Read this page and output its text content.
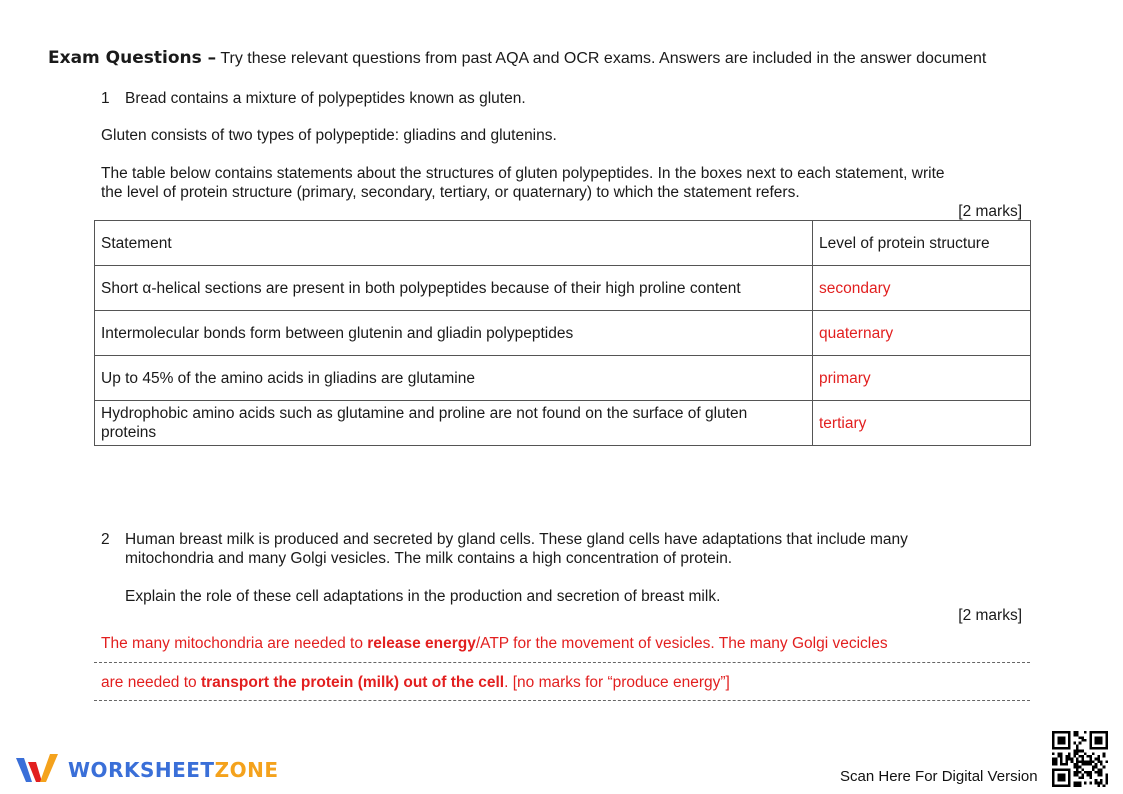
Exam Questions – Try these relevant questions from past AQA and OCR exams. Answers are included in the answer document
1 Bread contains a mixture of polypeptides known as gluten.
Gluten consists of two types of polypeptide: gliadins and glutenins.
The table below contains statements about the structures of gluten polypeptides. In the boxes next to each statement, write
the level of protein structure (primary, secondary, tertiary, or quaternary) to which the statement refers.
[2 marks]
Statement	Level of protein structure
Short α-helical sections are present in both polypeptides because of their high proline content	secondary
Intermolecular bonds form between glutenin and gliadin polypeptides	quaternary
Up to 45% of the amino acids in gliadins are glutamine	primary
Hydrophobic amino acids such as glutamine and proline are not found on the surface of gluten proteins	tertiary
2 Human breast milk is produced and secreted by gland cells. These gland cells have adaptations that include many
mitochondria and many Golgi vesicles. The milk contains a high concentration of protein.
Explain the role of these cell adaptations in the production and secretion of breast milk.
[2 marks]
The many mitochondria are needed to release energy/ATP for the movement of vesicles. The many Golgi vecicles
are needed to transport the protein (milk) out of the cell. [no marks for “produce energy”]
WORKSHEETZONE	Scan Here For Digital Version
